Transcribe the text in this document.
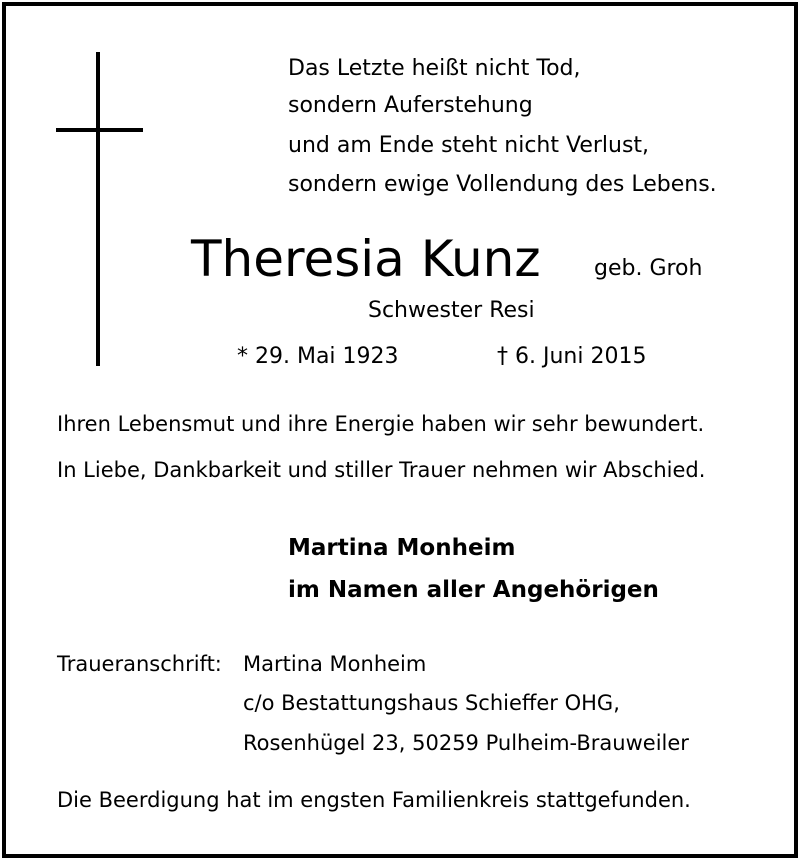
Das Letzte heißt nicht Tod,
sondern Auferstehung
und am Ende steht nicht Verlust,
sondern ewige Vollendung des Lebens.
Theresia Kunz geb. Groh
Schwester Resi
* 29. Mai 1923	† 6. Juni 2015
Ihren Lebensmut und ihre Energie haben wir sehr bewundert.
In Liebe, Dankbarkeit und stiller Trauer nehmen wir Abschied.
Martina Monheim
im Namen aller Angehörigen
Traueranschrift: Martina Monheim
c/o Bestattungshaus Schieffer OHG,
Rosenhügel 23, 50259 Pulheim-Brauweiler
Die Beerdigung hat im engsten Familienkreis stattgefunden.
